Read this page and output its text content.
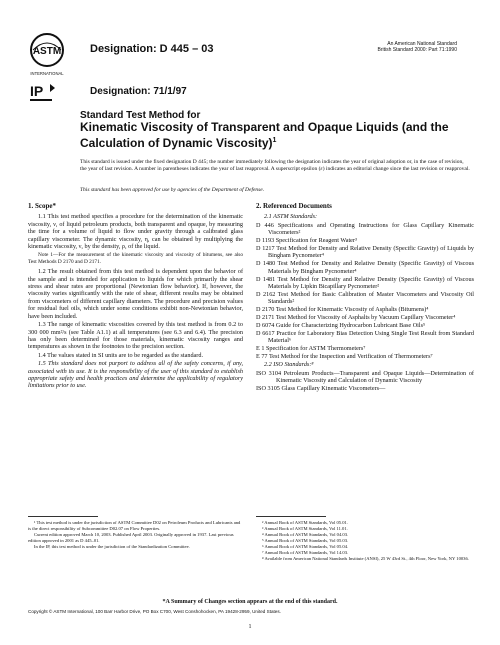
ASTM
INTERNATIONAL
IP
Designation: D 445 – 03
Designation: 71/1/97
An American National Standard
British Standard 2000: Part 71:1990
Standard Test Method for
Kinematic Viscosity of Transparent and Opaque Liquids (and the Calculation of Dynamic Viscosity)$^1$
This standard is issued under the fixed designation D 445; the number immediately following the designation indicates the year of original adoption or, in the case of revision, the year of last revision. A number in parentheses indicates the year of last reapproval. A superscript epsilon (ε) indicates an editorial change since the last revision or reapproval.
This standard has been approved for use by agencies of the Department of Defense.
1. Scope*

1.1 This test method specifies a procedure for the determination of the kinematic viscosity, ν, of liquid petroleum products, both transparent and opaque, by measuring the time for a volume of liquid to flow under gravity through a calibrated glass capillary viscometer. The dynamic viscosity, η, can be obtained by multiplying the kinematic viscosity, ν, by the density, ρ, of the liquid.

Note 1—For the measurement of the kinematic viscosity and viscosity of bitumens, see also Test Methods D 2170 and D 2171.

1.2 The result obtained from this test method is dependent upon the behavior of the sample and is intended for application to liquids for which primarily the shear stress and shear rates are proportional (Newtonian flow behavior). If, however, the viscosity varies significantly with the rate of shear, different results may be obtained from viscometers of different capillary diameters. The procedure and precision values for residual fuel oils, which under some conditions exhibit non-Newtonian behavior, have been included.

1.3 The range of kinematic viscosities covered by this test method is from 0.2 to 300 000 mm²/s (see Table A1.1) at all temperatures (see 6.3 and 6.4). The precision has only been determined for those materials, kinematic viscosity ranges and temperatures as shown in the footnotes to the precision section.

1.4 The values stated in SI units are to be regarded as the standard.

1.5 This standard does not purport to address all of the safety concerns, if any, associated with its use. It is the responsibility of the user of this standard to establish appropriate safety and health practices and determine the applicability of regulatory limitations prior to use.

2. Referenced Documents
2.1 ASTM Standards:
D 446 Specifications and Operating Instructions for Glass Capillary Kinematic Viscometers²
D 1193 Specification for Reagent Water³
D 1217 Test Method for Density and Relative Density (Specific Gravity) of Liquids by Bingham Pycnometer⁴
D 1480 Test Method for Density and Relative Density (Specific Gravity) of Viscous Materials by Bingham Pycnometer⁴
D 1481 Test Method for Density and Relative Density (Specific Gravity) of Viscous Materials by Lipkin Bicapillary Pycnometer²
D 2162 Test Method for Basic Calibration of Master Viscometers and Viscosity Oil Standards²
D 2170 Test Method for Kinematic Viscosity of Asphalts (Bitumens)⁴
D 2171 Test Method for Viscosity of Asphalts by Vacuum Capillary Viscometer⁴
D 6074 Guide for Characterizing Hydrocarbon Lubricant Base Oils⁵
D 6617 Practice for Laboratory Bias Detection Using Single Test Result from Standard Material⁶
E 1 Specification for ASTM Thermometers⁷
E 77 Test Method for the Inspection and Verification of Thermometers⁷
2.2 ISO Standards:⁸
ISO 3104 Petroleum Products—Transparent and Opaque Liquids—Determination of Kinematic Viscosity and Calculation of Dynamic Viscosity
ISO 3105 Glass Capillary Kinematic Viscometers—

¹ This test method is under the jurisdiction of ASTM Committee D02 on Petroleum Products and Lubricants and is the direct responsibility of Subcommittee D02.07 on Flow Properties.

Current edition approved March 10, 2003. Published April 2003. Originally approved in 1937. Last previous edition approved in 2001 as D 445–01.

In the IP, this test method is under the jurisdiction of the Standardization Committee.

² Annual Book of ASTM Standards, Vol 05.01.

³ Annual Book of ASTM Standards, Vol 11.01.

⁴ Annual Book of ASTM Standards, Vol 04.03.

⁵ Annual Book of ASTM Standards, Vol 05.03.

⁶ Annual Book of ASTM Standards, Vol 05.04.

⁷ Annual Book of ASTM Standards, Vol 14.03.

⁸ Available from American National Standards Institute (ANSI), 25 W 43rd St., 4th Floor, New York, NY 10036.

*A Summary of Changes section appears at the end of this standard.
Copyright © ASTM International, 100 Barr Harbor Drive, PO Box C700, West Conshohocken, PA 19428-2959, United States.
1
